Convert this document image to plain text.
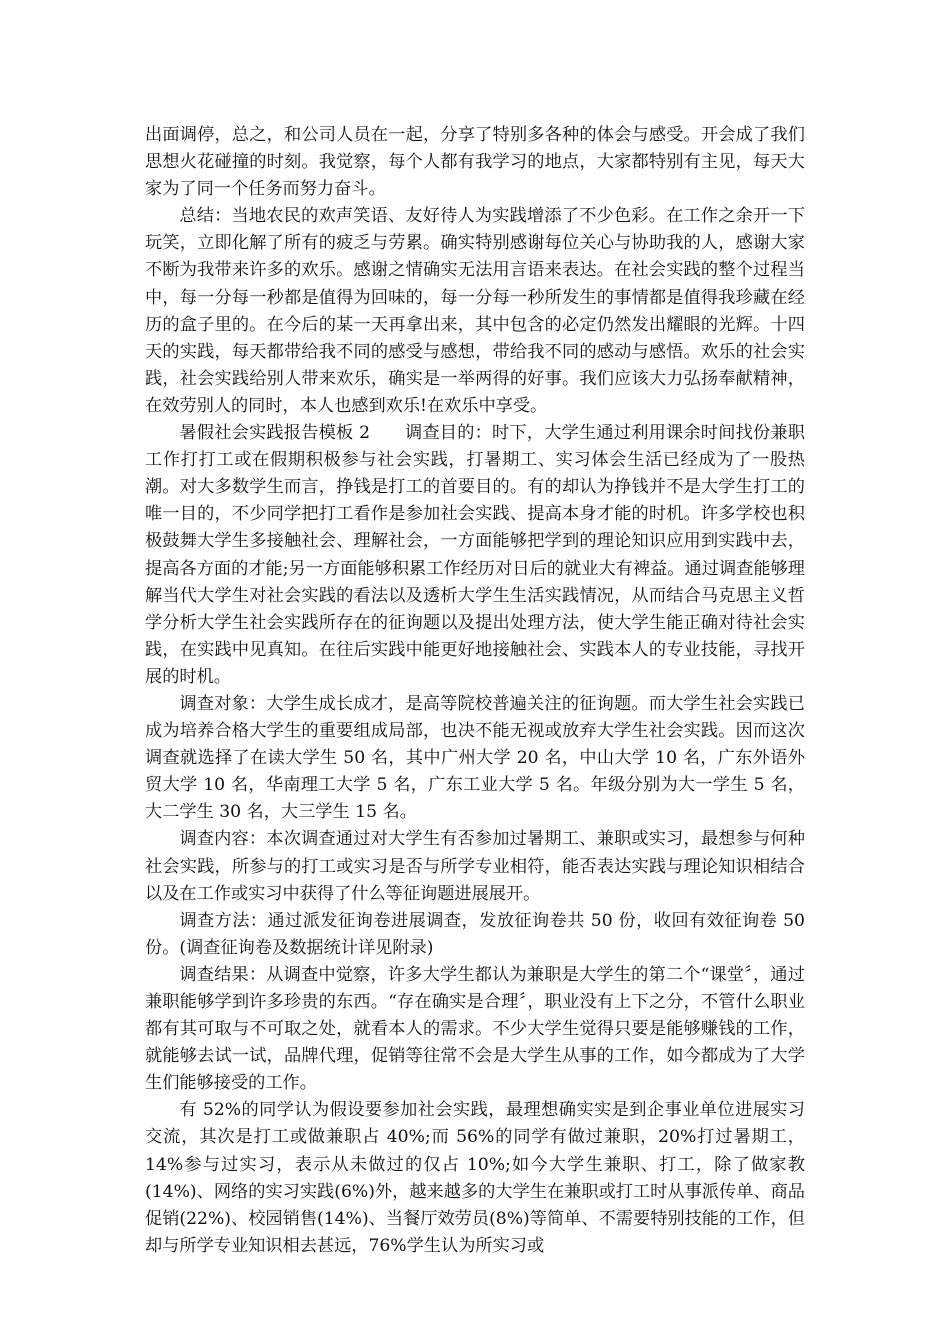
出面调停，总之，和公司人员在一起，分享了特别多各种的体会与感受。开会成了我们思想火花碰撞的时刻。我觉察，每个人都有我学习的地点，大家都特别有主见，每天大家为了同一个任务而努力奋斗。

总结：当地农民的欢声笑语、友好待人为实践增添了不少色彩。在工作之余开一下玩笑，立即化解了所有的疲乏与劳累。确实特别感谢每位关心与协助我的人，感谢大家不断为我带来许多的欢乐。感谢之情确实无法用言语来表达。在社会实践的整个过程当中，每一分每一秒都是值得为回味的，每一分每一秒所发生的事情都是值得我珍藏在经历的盒子里的。在今后的某一天再拿出来，其中包含的必定仍然发出耀眼的光辉。十四天的实践，每天都带给我不同的感受与感想，带给我不同的感动与感悟。欢乐的社会实践，社会实践给别人带来欢乐，确实是一举两得的好事。我们应该大力弘扬奉献精神，在效劳别人的同时，本人也感到欢乐!在欢乐中享受。

暑假社会实践报告模板 2　　调查目的：时下，大学生通过利用课余时间找份兼职工作打打工或在假期积极参与社会实践，打暑期工、实习体会生活已经成为了一股热潮。对大多数学生而言，挣钱是打工的首要目的。有的却认为挣钱并不是大学生打工的唯一目的，不少同学把打工看作是参加社会实践、提高本身才能的时机。许多学校也积极鼓舞大学生多接触社会、理解社会，一方面能够把学到的理论知识应用到实践中去，提高各方面的才能;另一方面能够积累工作经历对日后的就业大有裨益。通过调查能够理解当代大学生对社会实践的看法以及透析大学生生活实践情况，从而结合马克思主义哲学分析大学生社会实践所存在的征询题以及提出处理方法，使大学生能正确对待社会实践，在实践中见真知。在往后实践中能更好地接触社会、实践本人的专业技能，寻找开展的时机。

调查对象：大学生成长成才，是高等院校普遍关注的征询题。而大学生社会实践已成为培养合格大学生的重要组成局部，也决不能无视或放弃大学生社会实践。因而这次调查就选择了在读大学生 50 名，其中广州大学 20 名，中山大学 10 名，广东外语外贸大学 10 名，华南理工大学 5 名，广东工业大学 5 名。年级分别为大一学生 5 名，大二学生 30 名，大三学生 15 名。

调查内容：本次调查通过对大学生有否参加过暑期工、兼职或实习，最想参与何种社会实践，所参与的打工或实习是否与所学专业相符，能否表达实践与理论知识相结合以及在工作或实习中获得了什么等征询题进展展开。

调查方法：通过派发征询卷进展调查，发放征询卷共 50 份，收回有效征询卷 50 份。(调查征询卷及数据统计详见附录)

调查结果：从调查中觉察，许多大学生都认为兼职是大学生的第二个“课堂〞，通过兼职能够学到许多珍贵的东西。“存在确实是合理〞，职业没有上下之分，不管什么职业都有其可取与不可取之处，就看本人的需求。不少大学生觉得只要是能够赚钱的工作，就能够去试一试，品牌代理，促销等往常不会是大学生从事的工作，如今都成为了大学生们能够接受的工作。

有 52%的同学认为假设要参加社会实践，最理想确实实是到企事业单位进展实习交流，其次是打工或做兼职占 40%;而 56%的同学有做过兼职，20%打过暑期工，14%参与过实习，表示从未做过的仅占 10%;如今大学生兼职、打工，除了做家教(14%)、网络的实习实践(6%)外，越来越多的大学生在兼职或打工时从事派传单、商品促销(22%)、校园销售(14%)、当餐厅效劳员(8%)等简单、不需要特别技能的工作，但却与所学专业知识相去甚远，76%学生认为所实习或
